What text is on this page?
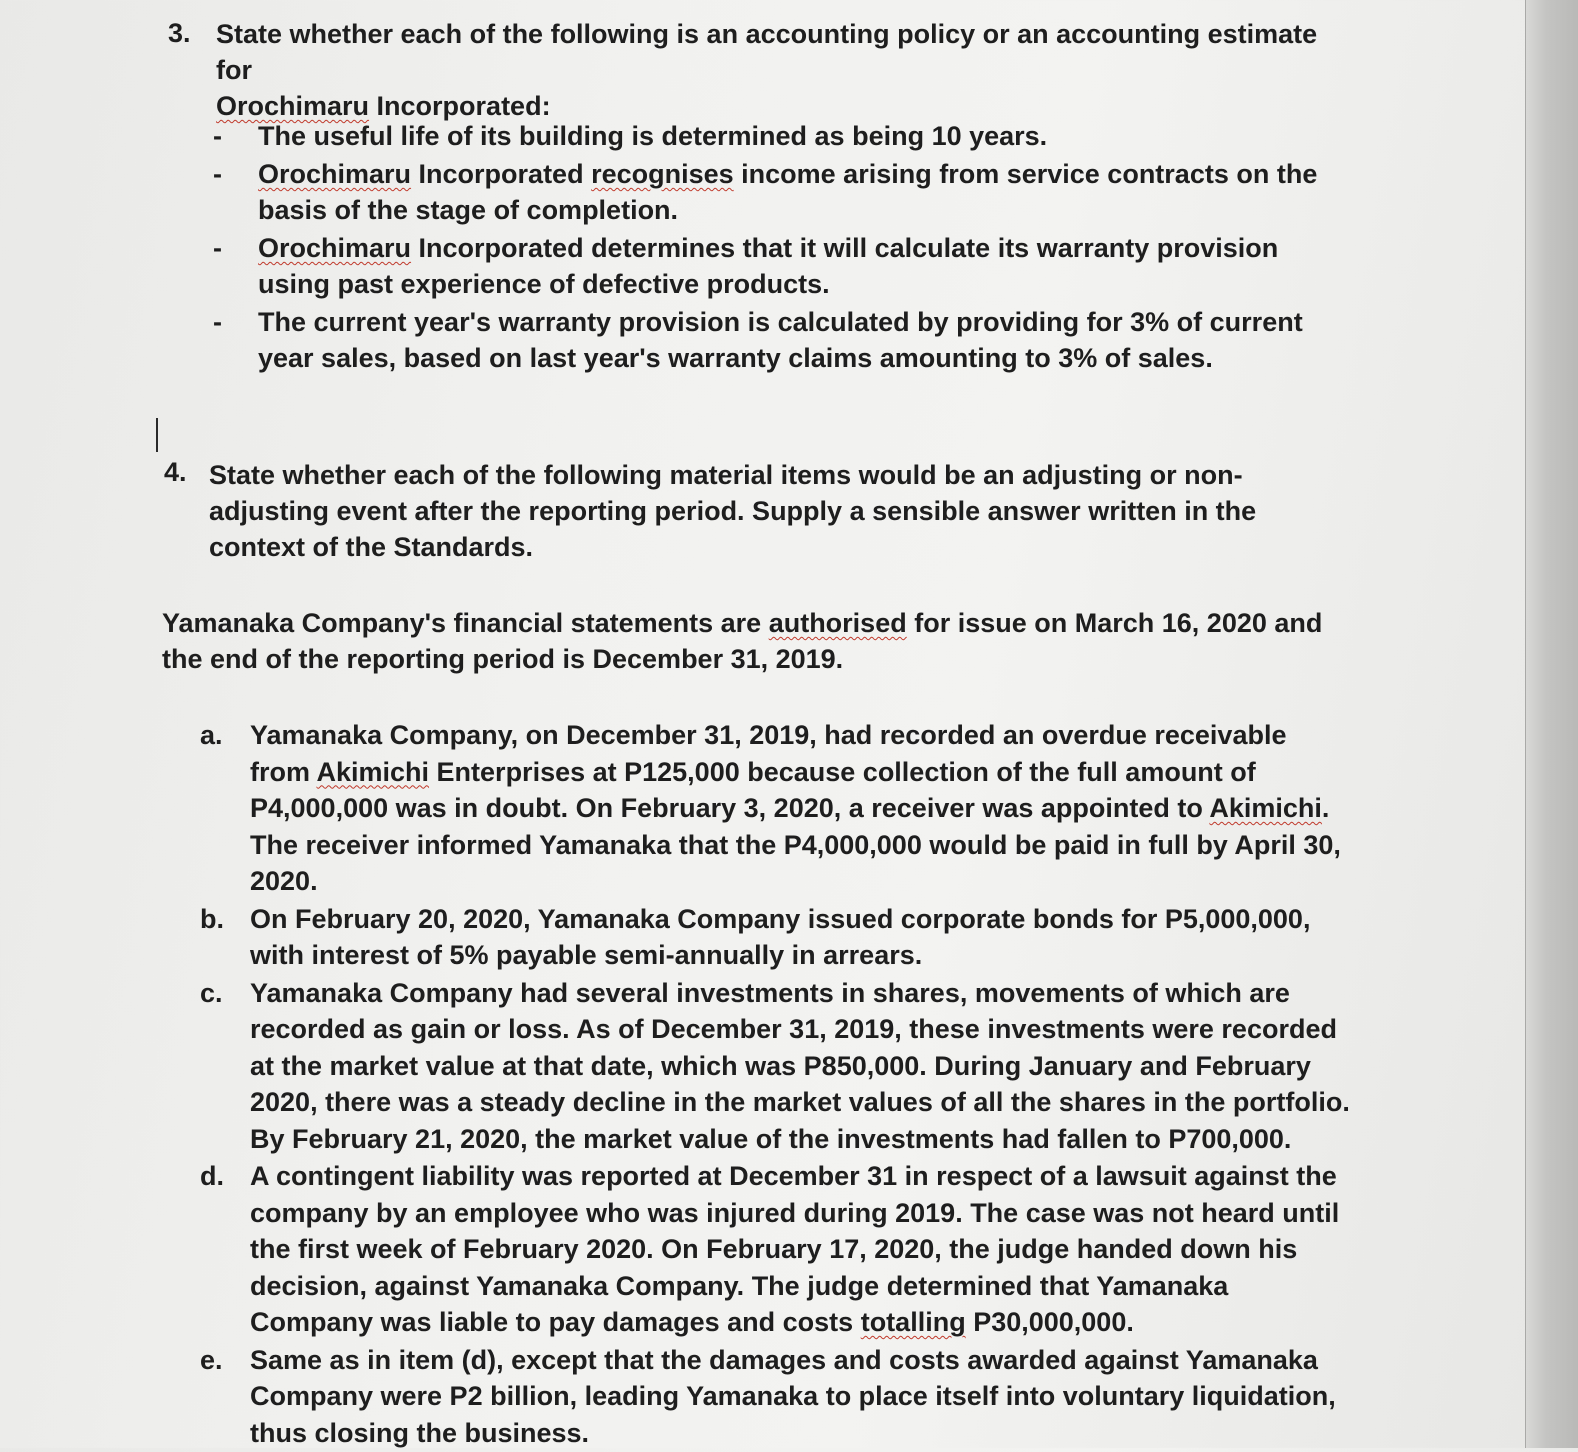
3. State whether each of the following is an accounting policy or an accounting estimate for
Orochimaru Incorporated:
- The useful life of its building is determined as being 10 years.
- Orochimaru Incorporated recognises income arising from service contracts on the basis of the stage of completion.
- Orochimaru Incorporated determines that it will calculate its warranty provision using past experience of defective products.
- The current year's warranty provision is calculated by providing for 3% of current year sales, based on last year's warranty claims amounting to 3% of sales.
4. State whether each of the following material items would be an adjusting or non-adjusting event after the reporting period. Supply a sensible answer written in the context of the Standards.
Yamanaka Company's financial statements are authorised for issue on March 16, 2020 and the end of the reporting period is December 31, 2019.
a. Yamanaka Company, on December 31, 2019, had recorded an overdue receivable from Akimichi Enterprises at P125,000 because collection of the full amount of P4,000,000 was in doubt. On February 3, 2020, a receiver was appointed to Akimichi. The receiver informed Yamanaka that the P4,000,000 would be paid in full by April 30, 2020.
b. On February 20, 2020, Yamanaka Company issued corporate bonds for P5,000,000, with interest of 5% payable semi-annually in arrears.
c. Yamanaka Company had several investments in shares, movements of which are recorded as gain or loss. As of December 31, 2019, these investments were recorded at the market value at that date, which was P850,000. During January and February 2020, there was a steady decline in the market values of all the shares in the portfolio. By February 21, 2020, the market value of the investments had fallen to P700,000.
d. A contingent liability was reported at December 31 in respect of a lawsuit against the company by an employee who was injured during 2019. The case was not heard until the first week of February 2020. On February 17, 2020, the judge handed down his decision, against Yamanaka Company. The judge determined that Yamanaka Company was liable to pay damages and costs totalling P30,000,000.
e. Same as in item (d), except that the damages and costs awarded against Yamanaka Company were P2 billion, leading Yamanaka to place itself into voluntary liquidation, thus closing the business.
